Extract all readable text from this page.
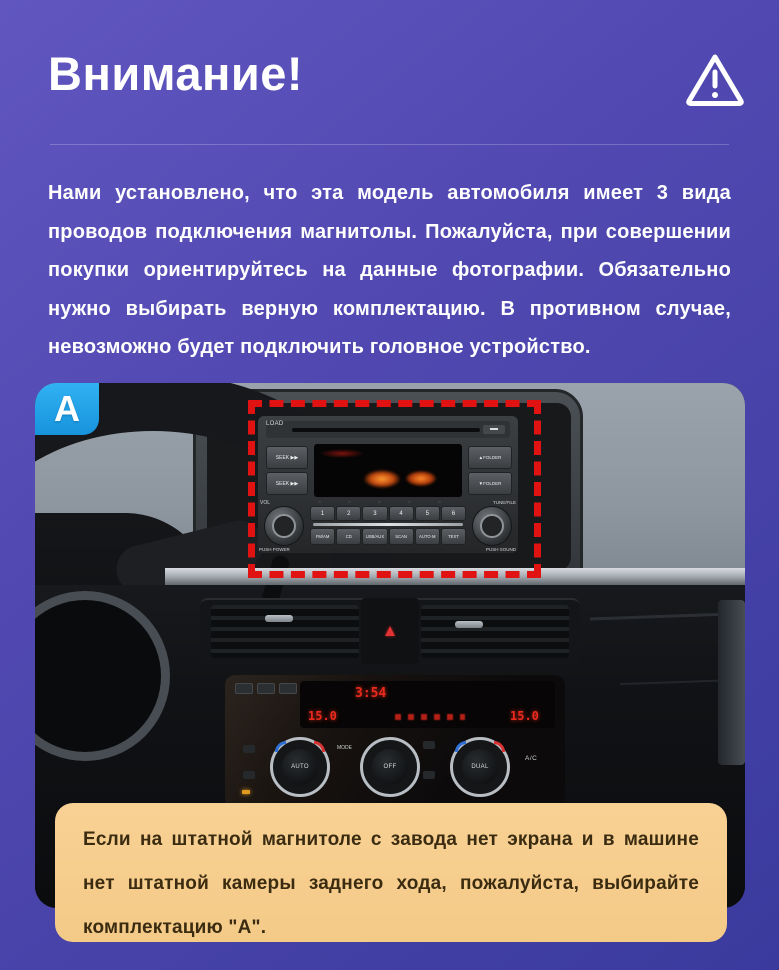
Внимание!
Нами установлено, что эта модель автомобиля имеет 3 вида
проводов подключения магнитолы. Пожалуйста, при совершении
покупки ориентируйтесь на данные фотографии. Обязательно
нужно выбирать верную комплектацию. В противном случае,
невозможно будет подключить головное устройство.
LOAD
SEEK ▶▶
SEEK ▶▶
▲FOLDER
▼FOLDER
VOL
PUSH POWER
TUNE/FILE
PUSH SOUND
1	2	3	4	5	6
FM/AM	CD	USB/AUX	SCAN	AUTO·M	TEXT
▲
3:54
15.0	15.0
AUTO
MODE
OFF	DUAL
A/C
A
Если на штатной магнитоле с завода нет экрана и в машине
нет штатной камеры заднего хода, пожалуйста, выбирайте
комплектацию "А".
